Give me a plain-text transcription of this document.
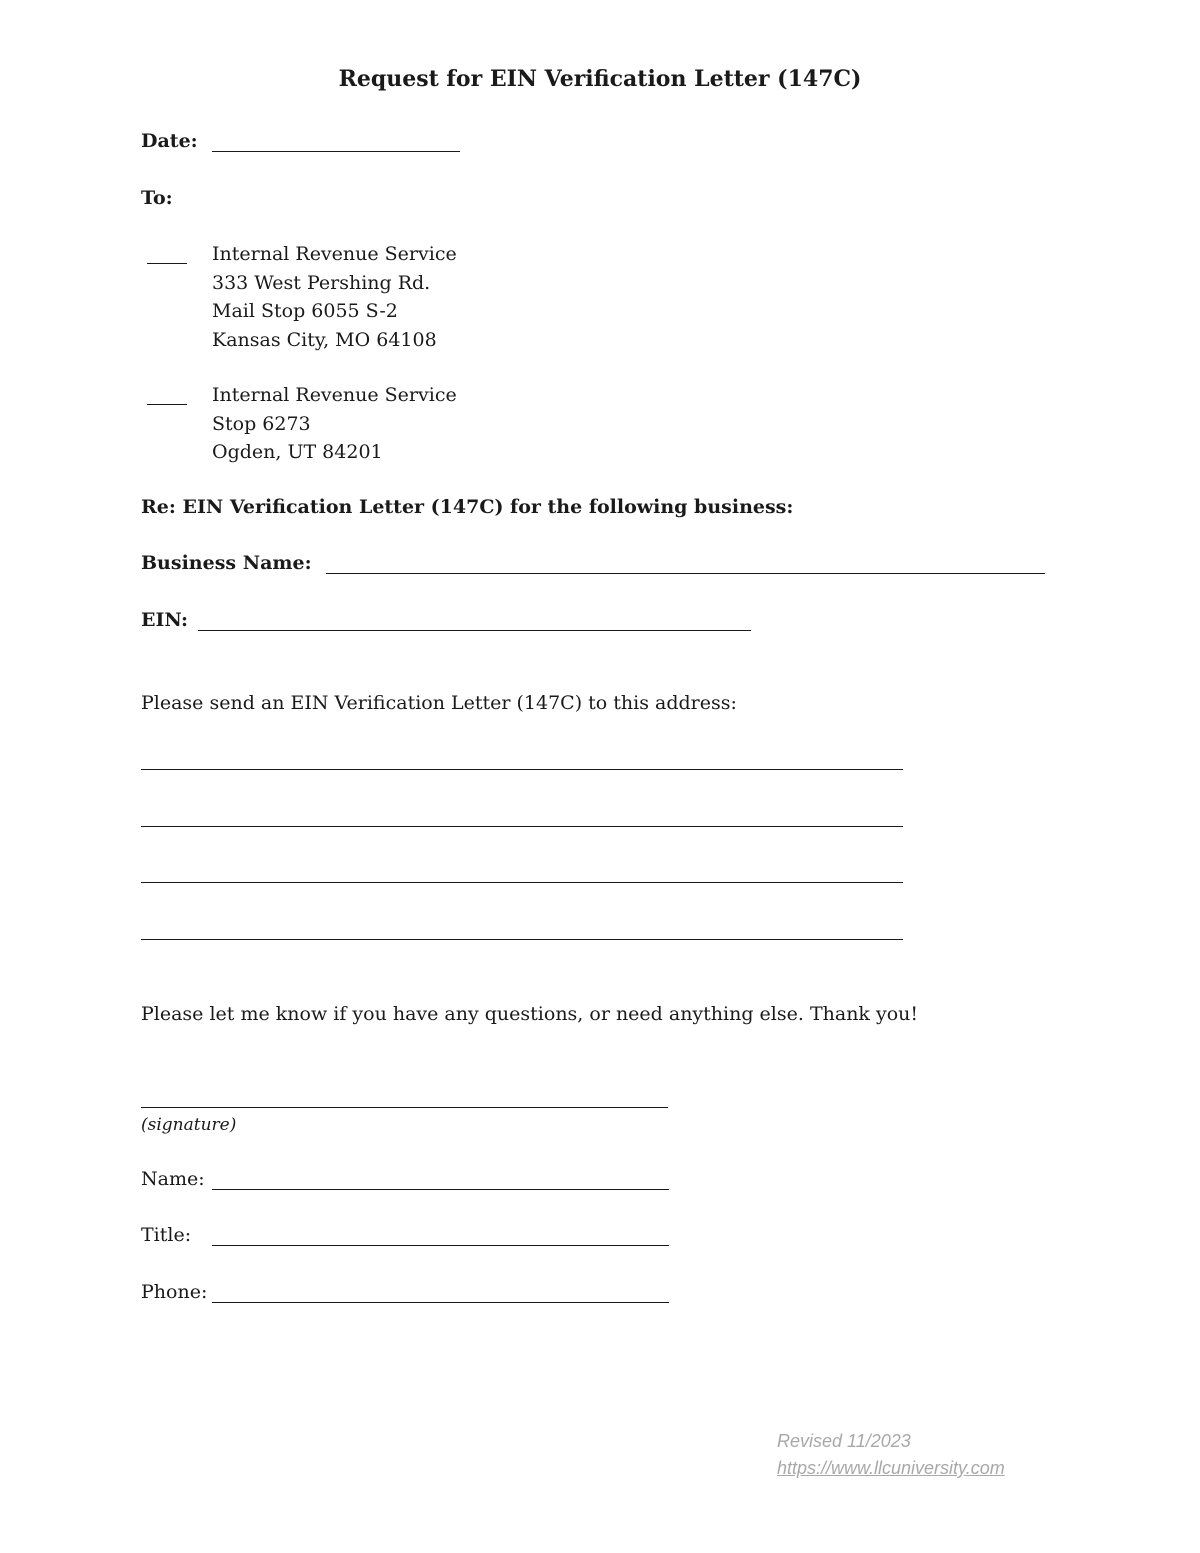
Request for EIN Verification Letter (147C)
Date:
To:
Internal Revenue Service
333 West Pershing Rd.
Mail Stop 6055 S-2
Kansas City, MO 64108
Internal Revenue Service
Stop 6273
Ogden, UT 84201
Re: EIN Verification Letter (147C) for the following business:
Business Name:
EIN:
Please send an EIN Verification Letter (147C) to this address:
Please let me know if you have any questions, or need anything else. Thank you!
(signature)
Name:
Title:
Phone:
Revised 11/2023
https://www.llcuniversity.com
